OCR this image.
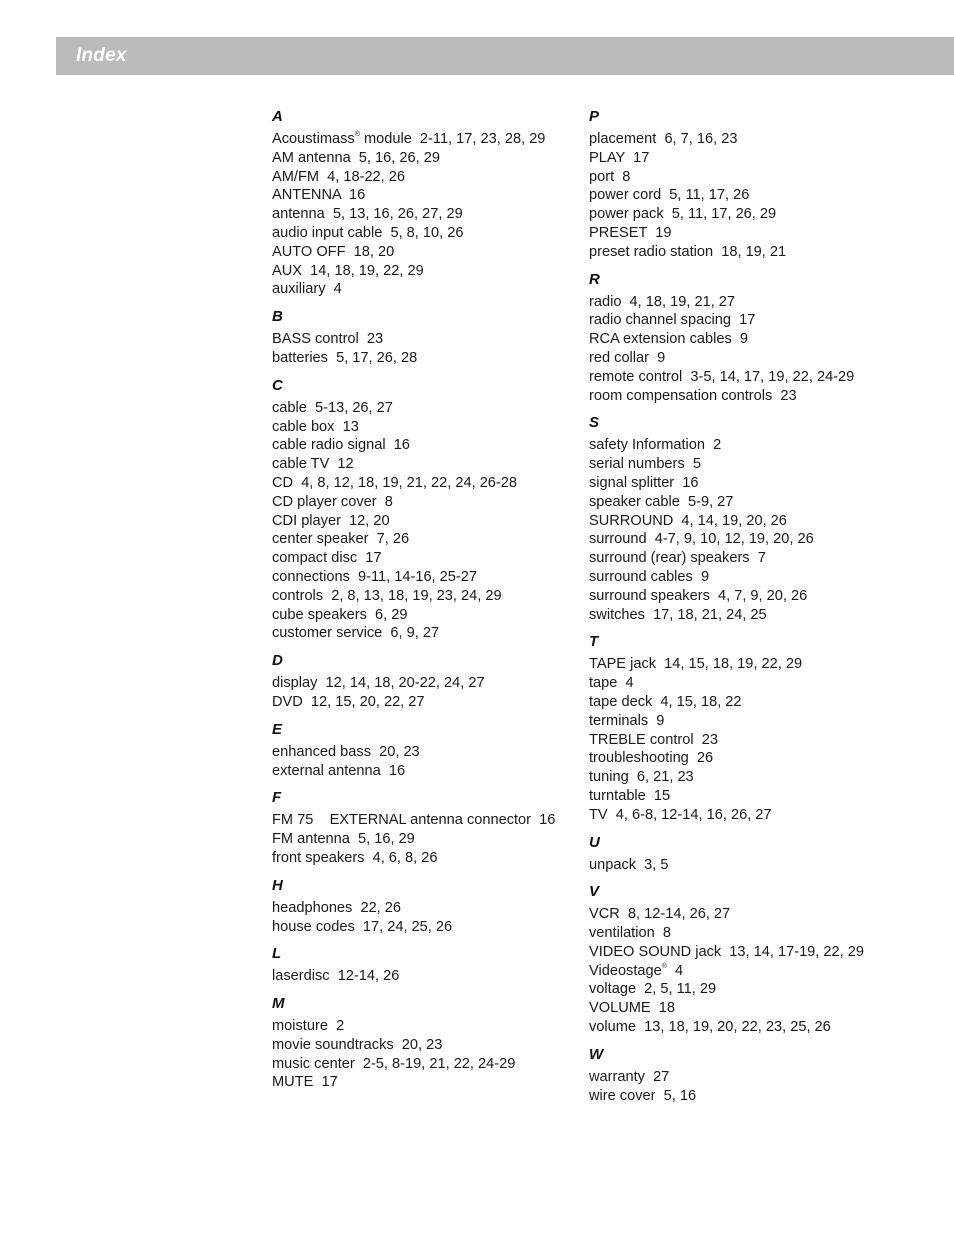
Index
A
Acoustimass® module  2-11, 17, 23, 28, 29
AM antenna  5, 16, 26, 29
AM/FM  4, 18-22, 26
ANTENNA  16
antenna  5, 13, 16, 26, 27, 29
audio input cable  5, 8, 10, 26
AUTO OFF  18, 20
AUX  14, 18, 19, 22, 29
auxiliary  4
B
BASS control  23
batteries  5, 17, 26, 28
C
cable  5-13, 26, 27
cable box  13
cable radio signal  16
cable TV  12
CD  4, 8, 12, 18, 19, 21, 22, 24, 26-28
CD player cover  8
CDI player  12, 20
center speaker  7, 26
compact disc  17
connections  9-11, 14-16, 25-27
controls  2, 8, 13, 18, 19, 23, 24, 29
cube speakers  6, 29
customer service  6, 9, 27
D
display  12, 14, 18, 20-22, 24, 27
DVD  12, 15, 20, 22, 27
E
enhanced bass  20, 23
external antenna  16
F
FM 75    EXTERNAL antenna connector  16
FM antenna  5, 16, 29
front speakers  4, 6, 8, 26
H
headphones  22, 26
house codes  17, 24, 25, 26
L
laserdisc  12-14, 26
M
moisture  2
movie soundtracks  20, 23
music center  2-5, 8-19, 21, 22, 24-29
MUTE  17
P
placement  6, 7, 16, 23
PLAY  17
port  8
power cord  5, 11, 17, 26
power pack  5, 11, 17, 26, 29
PRESET  19
preset radio station  18, 19, 21
R
radio  4, 18, 19, 21, 27
radio channel spacing  17
RCA extension cables  9
red collar  9
remote control  3-5, 14, 17, 19, 22, 24-29
room compensation controls  23
S
safety Information  2
serial numbers  5
signal splitter  16
speaker cable  5-9, 27
SURROUND  4, 14, 19, 20, 26
surround  4-7, 9, 10, 12, 19, 20, 26
surround (rear) speakers  7
surround cables  9
surround speakers  4, 7, 9, 20, 26
switches  17, 18, 21, 24, 25
T
TAPE jack  14, 15, 18, 19, 22, 29
tape  4
tape deck  4, 15, 18, 22
terminals  9
TREBLE control  23
troubleshooting  26
tuning  6, 21, 23
turntable  15
TV  4, 6-8, 12-14, 16, 26, 27
U
unpack  3, 5
V
VCR  8, 12-14, 26, 27
ventilation  8
VIDEO SOUND jack  13, 14, 17-19, 22, 29
Videostage®  4
voltage  2, 5, 11, 29
VOLUME  18
volume  13, 18, 19, 20, 22, 23, 25, 26
W
warranty  27
wire cover  5, 16
